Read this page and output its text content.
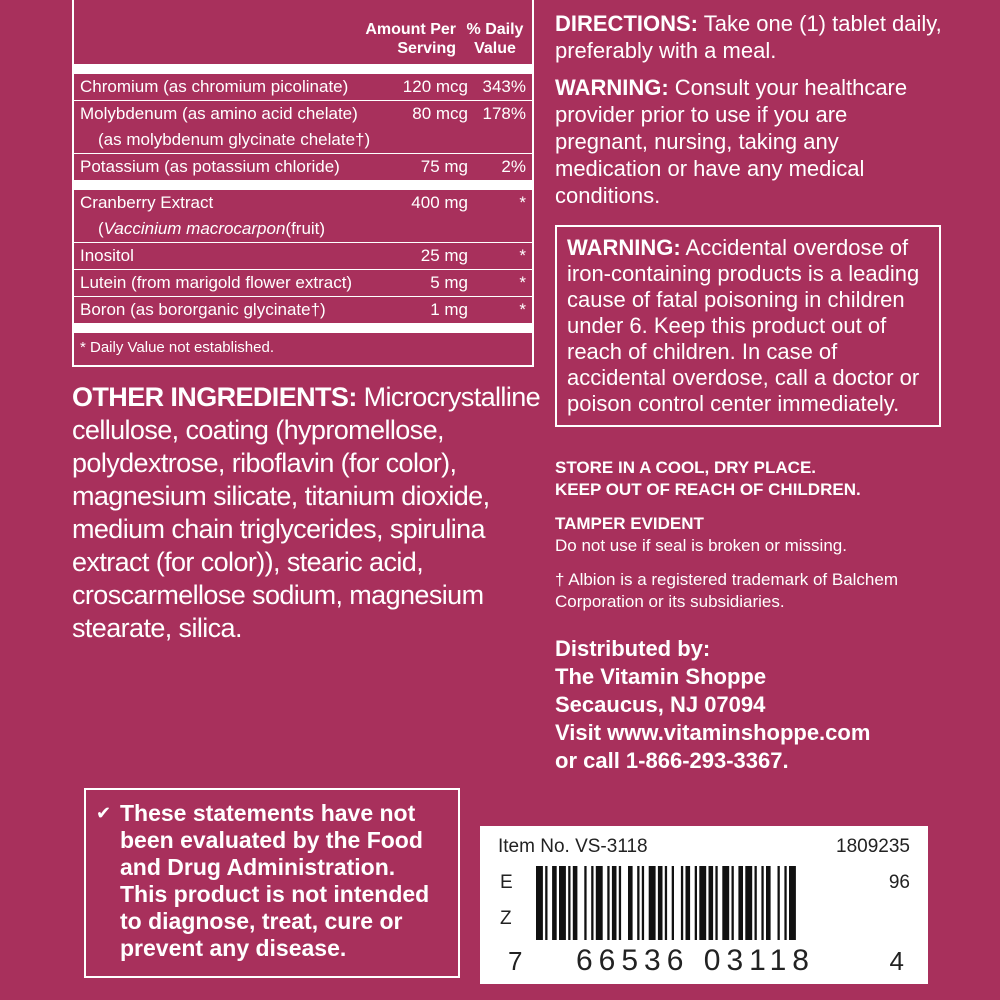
Amount Per Serving
% Daily Value
Chromium (as chromium picolinate)	120 mcg 343%
Molybdenum (as amino acid chelate)	80 mcg 178%
(as molybdenum glycinate chelate†)
Potassium (as potassium chloride)	75 mg	2%
Cranberry Extract	400 mg	*
(Vaccinium macrocarpon(fruit)
Inositol	25 mg	*
Lutein (from marigold flower extract)	5 mg	*
Boron (as bororganic glycinate†)	1 mg	*
* Daily Value not established.
OTHER INGREDIENTS: Microcrystalline cellulose, coating (hypromellose, polydextrose, riboflavin (for color), magnesium silicate, titanium dioxide, medium chain triglycerides, spirulina extract (for color)), stearic acid, croscarmellose sodium, magnesium stearate, silica.
✔ These statements have not been evaluated by the Food and Drug Administration. This product is not intended to diagnose, treat, cure or prevent any disease.
DIRECTIONS: Take one (1) tablet daily, preferably with a meal.
WARNING: Consult your healthcare provider prior to use if you are pregnant, nursing, taking any medication or have any medical conditions.
WARNING: Accidental overdose of iron-containing products is a leading cause of fatal poisoning in children under 6. Keep this product out of reach of children. In case of accidental overdose, call a doctor or poison control center immediately.
STORE IN A COOL, DRY PLACE.
KEEP OUT OF REACH OF CHILDREN.
TAMPER EVIDENT
Do not use if seal is broken or missing.
† Albion is a registered trademark of Balchem Corporation or its subsidiaries.
Distributed by:
The Vitamin Shoppe
Secaucus, NJ 07094
Visit www.vitaminshoppe.com
or call 1-866-293-3367.
Item No. VS-3118	1809235
E
Z
96
7 66536 03118	4
